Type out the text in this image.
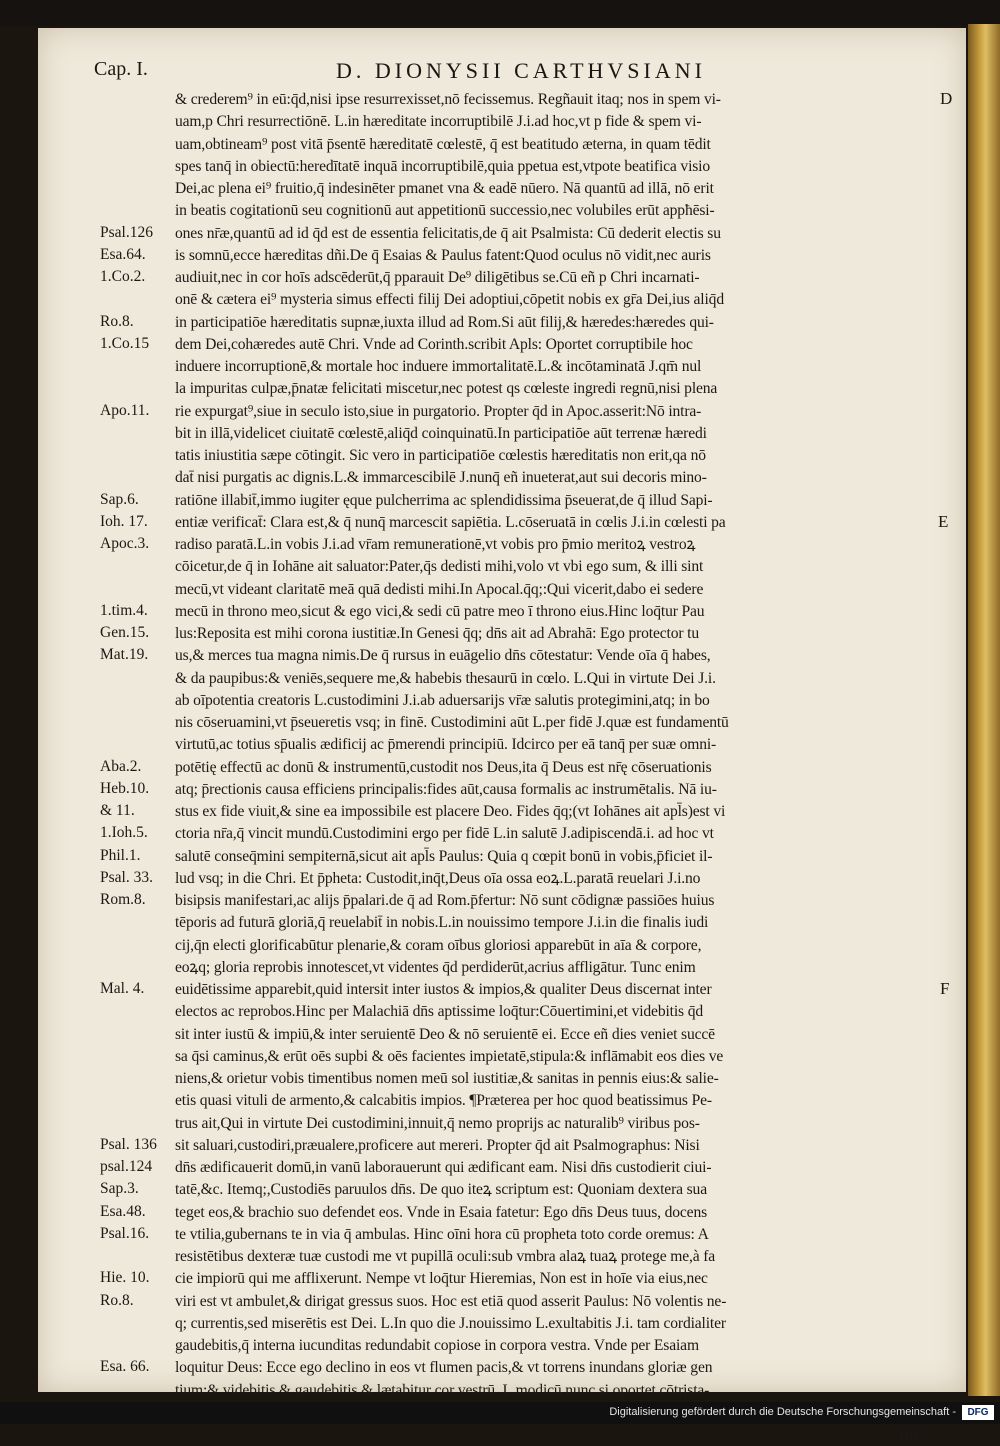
Cap. I.	D. DIONYSII CARTHVSIANI
& crederem⁹ in eū:q̄d,nisi ipse resurrexisset,nō fecissemus. Regñauit itaq; nos in spem vi-
uam,p Chri resurrectiōnē. L.in hæreditate incorruptibilē J.i.ad hoc,vt p fide & spem vi-
uam,obtineam⁹ post vitā p̄sentē hæreditatē cœlestē, q̄ est beatitudo æterna, in quam tēdit
spes tanq̄ in obiectū:heredītatē inquā incorruptibilē,quia ppetua est,vtpote beatifica visio
Dei,ac plena ei⁹ fruitio,q̄ indesinēter pmanet vna & eadē nūero. Nā quantū ad illā, nō erit
in beatis cogitationū seu cognitionū aut appetitionū successio,nec volubiles erūt appħēsi-
ones nr̄æ,quantū ad id q̄d est de essentia felicitatis,de q̄ ait Psalmista: Cū dederit electis su
is somnū,ecce hæreditas dñi.De q̄ Esaias & Paulus fatent:Quod oculus nō vidit,nec auris
audiuit,nec in cor hoīs adscēderūt,q̄ pparauit De⁹ diligētibus se.Cū eñ p Chri incarnati-
onē & cætera ei⁹ mysteria simus effecti filij Dei adoptiui,cōpetit nobis ex gr̄a Dei,ius aliq̄d
in participatiōe hæreditatis supnæ,iuxta illud ad Rom.Si aūt filij,& hæredes:hæredes qui-
dem Dei,cohæredes autē Chri. Vnde ad Corinth.scribit Apls: Oportet corruptibile hoc
induere incorruptionē,& mortale hoc induere immortalitatē.L.& incōtaminatā J.qm̄ nul
la impuritas culpæ,p̄natæ felicitati miscetur,nec potest qs cœleste ingredi regnū,nisi plena
rie expurgat⁹,siue in seculo isto,siue in purgatorio. Propter q̄d in Apoc.asserit:Nō intra-
bit in illā,videlicet ciuitatē cœlestē,aliq̄d coinquinatū.In participatiōe aūt terrenæ hæredi
tatis iniustitia sæpe cōtingit. Sic vero in participatiōe cœlestis hæreditatis non erit,qa nō
dat̄ nisi purgatis ac dignis.L.& immarcescibilē J.nunq̄ eñ inueterat,aut sui decoris mino-
ratiōne illabit̄,immo iugiter ęque pulcherrima ac splendidissima p̄seuerat,de q̄ illud Sapi-
entiæ verificat̄: Clara est,& q̄ nunq̄ marcescit sapiētia. L.cōseruatā in cœlis J.i.in cœlesti pa
radiso paratā.L.in vobis J.i.ad vr̄am remunerationē,vt vobis pro p̄mio meritoꝝ vestroꝝ
cōicetur,de q̄ in Iohāne ait saluator:Pater,q̄s dedisti mihi,volo vt vbi ego sum, & illi sint
mecū,vt videant claritatē meā quā dedisti mihi.In Apocal.q̄q;:Qui vicerit,dabo ei sedere
mecū in throno meo,sicut & ego vici,& sedi cū patre meo ī throno eius.Hinc loq̄tur Pau
lus:Reposita est mihi corona iustitiæ.In Genesi q̄q; dn̄s ait ad Abrahā: Ego protector tu
us,& merces tua magna nimis.De q̄ rursus in euāgelio dn̄s cōtestatur: Vende oīa q̄ habes,
& da paupibus:& veniēs,sequere me,& habebis thesaurū in cœlo. L.Qui in virtute Dei J.i.
ab oīpotentia creatoris L.custodimini J.i.ab aduersarijs vr̄æ salutis protegimini,atq; in bo
nis cōseruamini,vt p̄seueretis vsq; in finē. Custodimini aūt L.per fidē J.quæ est fundamentū
virtutū,ac totius sp̄ualis ædificij ac p̄merendi principiū. Idcirco per eā tanq̄ per suæ omni-
potētię effectū ac donū & instrumentū,custodit nos Deus,ita q̄ Deus est nr̄ę cōseruationis
atq; p̄rectionis causa efficiens principalis:fides aūt,causa formalis ac instrumētalis. Nā iu-
stus ex fide viuit,& sine ea impossibile est placere Deo. Fides q̄q;(vt Iohānes ait apl̄s)est vi
ctoria nr̄a,q̄ vincit mundū.Custodimini ergo per fidē L.in salutē J.adipiscendā.i. ad hoc vt
salutē conseq̄mini sempiternā,sicut ait apl̄s Paulus: Quia q cœpit bonū in vobis,p̄ficiet il-
lud vsq; in die Chri. Et p̄pheta: Custodit,inq̄t,Deus oīa ossa eoꝝ.L.paratā reuelari J.i.no
bisipsis manifestari,ac alijs p̄palari.de q̄ ad Rom.p̄fertur: Nō sunt cōdignæ passiōes huius
tēporis ad futurā gloriā,q̄ reuelabit̄ in nobis.L.in nouissimo tempore J.i.in die finalis iudi
cij,q̄n electi glorificabūtur plenarie,& coram oībus gloriosi apparebūt in aīa & corpore,
eoꝝq; gloria reprobis innotescet,vt videntes q̄d perdiderūt,acrius affligātur. Tunc enim
euidētissime apparebit,quid intersit inter iustos & impios,& qualiter Deus discernat inter
electos ac reprobos.Hinc per Malachiā dn̄s aptissime loq̄tur:Cōuertimini,et videbitis q̄d
sit inter iustū & impiū,& inter seruientē Deo & nō seruientē ei. Ecce eñ dies veniet succē
sa q̄si caminus,& erūt oēs supbi & oēs facientes impietatē,stipula:& inflāmabit eos dies ve
niens,& orietur vobis timentibus nomen meū sol iustitiæ,& sanitas in pennis eius:& salie-
etis quasi vituli de armento,& calcabitis impios. ¶Præterea per hoc quod beatissimus Pe-
trus ait,Qui in virtute Dei custodimini,innuit,q̄ nemo proprijs ac naturalib⁹ viribus pos-
sit saluari,custodiri,præualere,proficere aut mereri. Propter q̄d ait Psalmographus: Nisi
dn̄s ædificauerit domū,in vanū laborauerunt qui ædificant eam. Nisi dn̄s custodierit ciui-
tatē,&c. Itemq;,Custodiēs paruulos dn̄s. De quo iteꝝ scriptum est: Quoniam dextera sua
teget eos,& brachio suo defendet eos. Vnde in Esaia fatetur: Ego dn̄s Deus tuus, docens
te vtilia,gubernans te in via q̄ ambulas. Hinc oīni hora cū propheta toto corde oremus: A
resistētibus dexteræ tuæ custodi me vt pupillā oculi:sub vmbra alaꝝ tuaꝝ protege me,à fa
cie impiorū qui me afflixerunt. Nempe vt loq̄tur Hieremias, Non est in hoīe via eius,nec
viri est vt ambulet,& dirigat gressus suos. Hoc est etiā quod asserit Paulus: Nō volentis ne-
q; currentis,sed miserētis est Dei. L.In quo die J.nouissimo L.exultabitis J.i. tam cordialiter
gaudebitis,q̄ interna iucunditas redundabit copiose in corpora vestra. Vnde per Esaiam
loquitur Deus: Ecce ego declino in eos vt flumen pacis,& vt torrens inundans gloriæ gen
tium:& videbitis & gaudebitis,& lætabitur cor vestrū. L.modicū nunc,si oportet,cōtrista-
rijs
Psal.126
Esa.64.
1.Co.2.
Ro.8.
1.Co.15
Apo.11.
Sap.6.
Ioh. 17.
Apoc.3.
1.tim.4.
Gen.15.
Mat.19.
Aba.2.
Heb.10.
& 11.
1.Ioh.5.
Phil.1.
Psal. 33.
Rom.8.
Mal. 4.
Psal. 136
psal.124
Sap.3.
Esa.48.
Psal.16.
Hie. 10.
Ro.8.
Esa. 66.
D
E
F
Digitalisierung gefördert durch die Deutsche Forschungsgemeinschaft -	DFG
